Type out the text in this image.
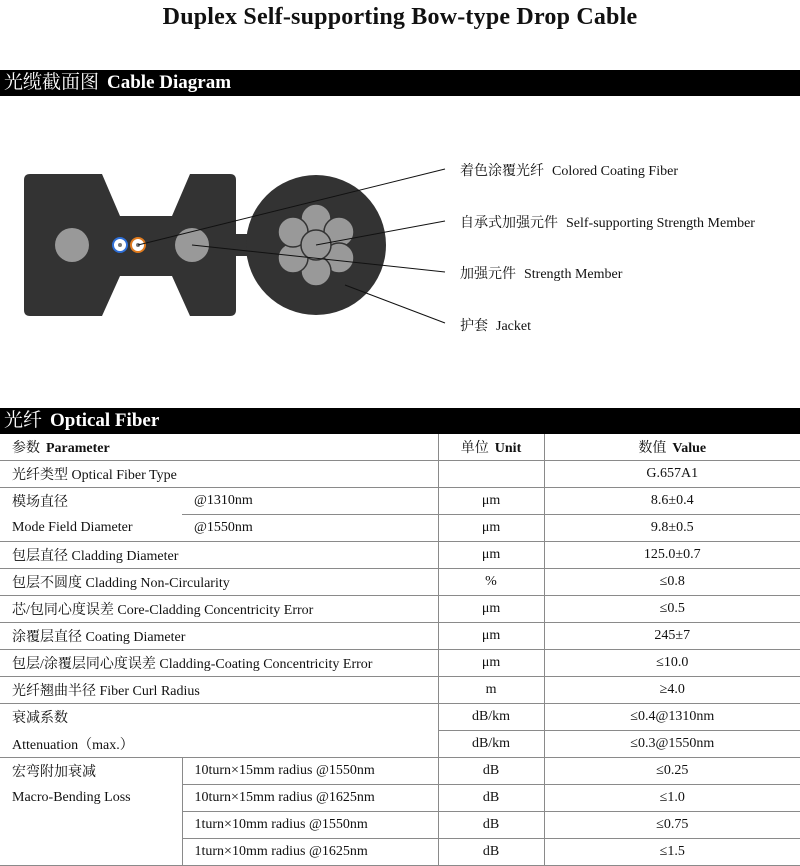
Duplex Self-supporting Bow-type Drop Cable
光缆截面图 Cable Diagram
着色涂覆光纤 Colored Coating Fiber
自承式加强元件 Self-supporting Strength Member
加强元件 Strength Member
护套 Jacket
光纤 Optical Fiber
参数 Parameter		单位 Unit	数值 Value
光纤类型 Optical Fiber Type			G.657A1
模场直径	@1310nm	μm	8.6±0.4
Mode Field Diameter	@1550nm	μm	9.8±0.5
包层直径 Cladding Diameter		μm	125.0±0.7
包层不圆度 Cladding Non-Circularity		%	≤0.8
芯/包同心度误差 Core-Cladding Concentricity Error		μm	≤0.5
涂覆层直径 Coating Diameter		μm	245±7
包层/涂覆层同心度误差 Cladding-Coating Concentricity Error		μm	≤10.0
光纤翘曲半径 Fiber Curl Radius		m	≥4.0
衰减系数		dB/km	≤0.4@1310nm
Attenuation（max.）		dB/km	≤0.3@1550nm
宏弯附加衰减	10turn×15mm radius @1550nm	dB	≤0.25
Macro-Bending Loss	10turn×15mm radius @1625nm	dB	≤1.0
	1turn×10mm radius @1550nm	dB	≤0.75
	1turn×10mm radius @1625nm	dB	≤1.5
